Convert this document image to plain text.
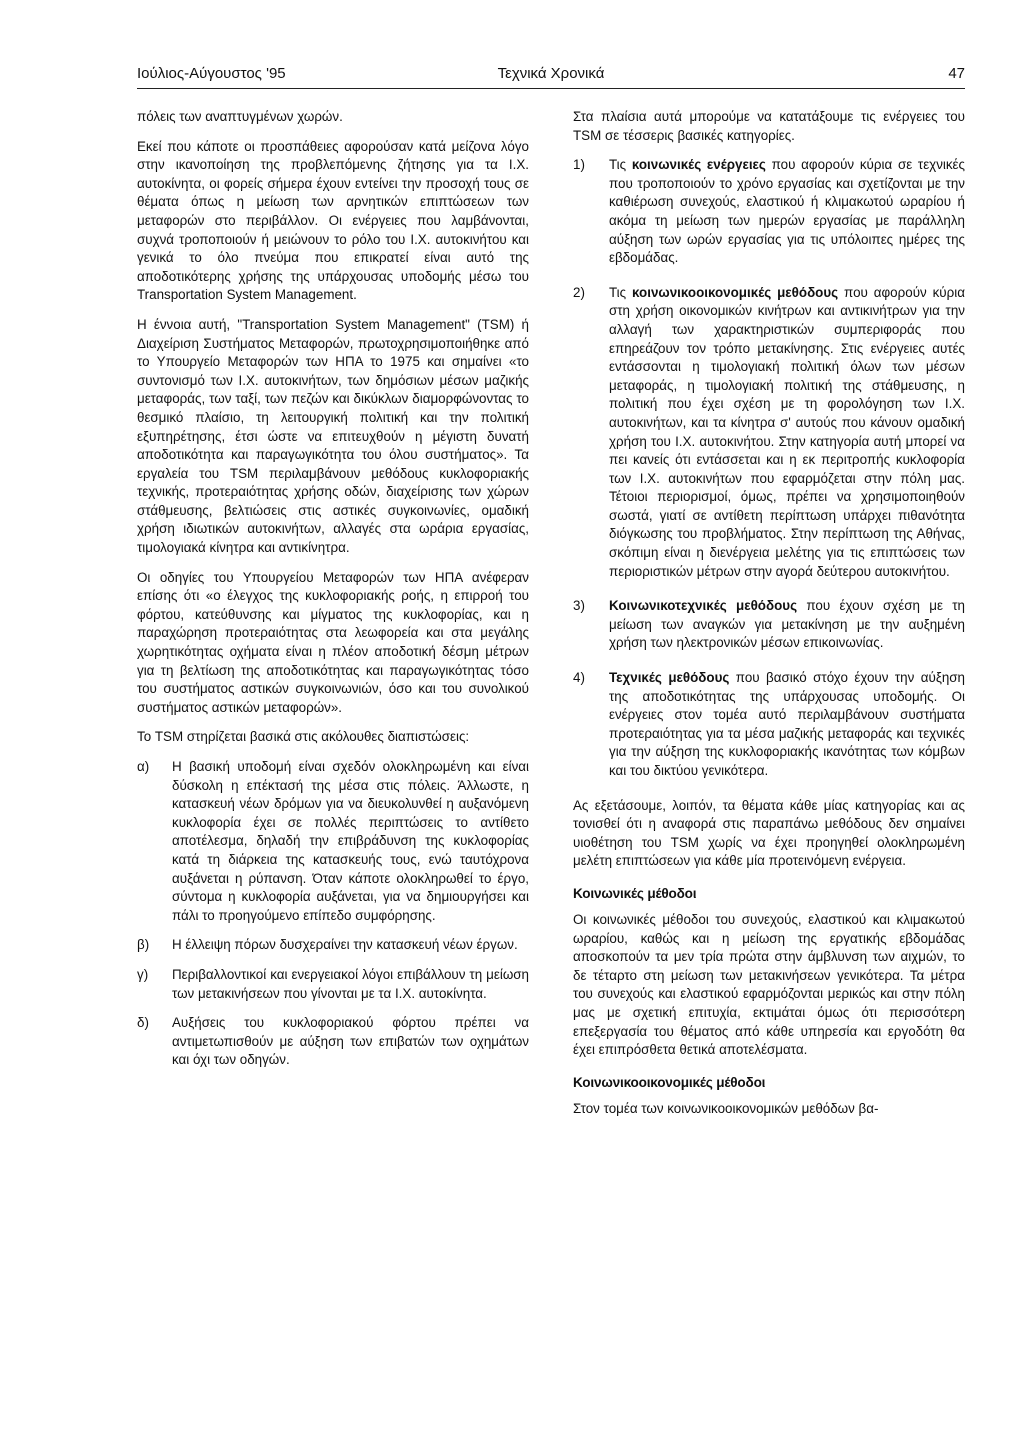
Ιούλιος-Αύγουστος '95	Τεχνικά Χρονικά	47

πόλεις των αναπτυγμένων χωρών.

Εκεί που κάποτε οι προσπάθειες αφορούσαν κατά μείζονα λόγο στην ικανοποίηση της προβλεπόμενης ζήτησης για τα Ι.Χ. αυτοκίνητα, οι φορείς σήμερα έχουν εντείνει την προσοχή τους σε θέματα όπως η μείωση των αρνητικών επιπτώσεων των μεταφορών στο περιβάλλον. Οι ενέργειες που λαμβάνονται, συχνά τροποποιούν ή μειώνουν το ρόλο του Ι.Χ. αυτοκινήτου και γενικά το όλο πνεύμα που επικρατεί είναι αυτό της αποδοτικότερης χρήσης της υπάρχουσας υποδομής μέσω του Transportation System Management.

Η έννοια αυτή, "Transportation System Management" (TSM) ή Διαχείριση Συστήματος Μεταφορών, πρωτοχρησιμοποιήθηκε από το Υπουργείο Μεταφορών των ΗΠΑ το 1975 και σημαίνει «το συντονισμό των Ι.Χ. αυτοκινήτων, των δημόσιων μέσων μαζικής μεταφοράς, των ταξί, των πεζών και δικύκλων διαμορφώνοντας το θεσμικό πλαίσιο, τη λειτουργική πολιτική και την πολιτική εξυπηρέτησης, έτσι ώστε να επιτευχθούν η μέγιστη δυνατή αποδοτικότητα και παραγωγικότητα του όλου συστήματος». Τα εργαλεία του TSM περιλαμβάνουν μεθόδους κυκλοφοριακής τεχνικής, προτεραιότητας χρήσης οδών, διαχείρισης των χώρων στάθμευσης, βελτιώσεις στις αστικές συγκοινωνίες, ομαδική χρήση ιδιωτικών αυτοκινήτων, αλλαγές στα ωράρια εργασίας, τιμολογιακά κίνητρα και αντικίνητρα.

Οι οδηγίες του Υπουργείου Μεταφορών των ΗΠΑ ανέφεραν επίσης ότι «ο έλεγχος της κυκλοφοριακής ροής, η επιρροή του φόρτου, κατεύθυνσης και μίγματος της κυκλοφορίας, και η παραχώρηση προτεραιότητας στα λεωφορεία και στα μεγάλης χωρητικότητας οχήματα είναι η πλέον αποδοτική δέσμη μέτρων για τη βελτίωση της αποδοτικότητας και παραγωγικότητας τόσο του συστήματος αστικών συγκοινωνιών, όσο και του συνολικού συστήματος αστικών μεταφορών».

Το TSM στηρίζεται βασικά στις ακόλουθες διαπιστώσεις:

α) Η βασική υποδομή είναι σχεδόν ολοκληρωμένη και είναι δύσκολη η επέκτασή της μέσα στις πόλεις. Άλλωστε, η κατασκευή νέων δρόμων για να διευκολυνθεί η αυξανόμενη κυκλοφορία έχει σε πολλές περιπτώσεις το αντίθετο αποτέλεσμα, δηλαδή την επιβράδυνση της κυκλοφορίας κατά τη διάρκεια της κατασκευής τους, ενώ ταυτόχρονα αυξάνεται η ρύπανση. Όταν κάποτε ολοκληρωθεί το έργο, σύντομα η κυκλοφορία αυξάνεται, για να δημιουργήσει και πάλι το προηγούμενο επίπεδο συμφόρησης.
β) Η έλλειψη πόρων δυσχεραίνει την κατασκευή νέων έργων.
γ) Περιβαλλοντικοί και ενεργειακοί λόγοι επιβάλλουν τη μείωση των μετακινήσεων που γίνονται με τα Ι.Χ. αυτοκίνητα.
δ) Αυξήσεις του κυκλοφοριακού φόρτου πρέπει να αντιμετωπισθούν με αύξηση των επιβατών των οχημάτων και όχι των οδηγών.

Στα πλαίσια αυτά μπορούμε να κατατάξουμε τις ενέργειες του TSM σε τέσσερις βασικές κατηγορίες.

1) Τις κοινωνικές ενέργειες που αφορούν κύρια σε τεχνικές που τροποποιούν το χρόνο εργασίας και σχετίζονται με την καθιέρωση συνεχούς, ελαστικού ή κλιμακωτού ωραρίου ή ακόμα τη μείωση των ημερών εργασίας με παράλληλη αύξηση των ωρών εργασίας για τις υπόλοιπες ημέρες της εβδομάδας.
2) Τις κοινωνικοοικονομικές μεθόδους που αφορούν κύρια στη χρήση οικονομικών κινήτρων και αντικινήτρων για την αλλαγή των χαρακτηριστικών συμπεριφοράς που επηρεάζουν τον τρόπο μετακίνησης. Στις ενέργειες αυτές εντάσσονται η τιμολογιακή πολιτική όλων των μέσων μεταφοράς, η τιμολογιακή πολιτική της στάθμευσης, η πολιτική που έχει σχέση με τη φορολόγηση των Ι.Χ. αυτοκινήτων, και τα κίνητρα σ' αυτούς που κάνουν ομαδική χρήση του Ι.Χ. αυτοκινήτου. Στην κατηγορία αυτή μπορεί να πει κανείς ότι εντάσσεται και η εκ περιτροπής κυκλοφορία των Ι.Χ. αυτοκινήτων που εφαρμόζεται στην πόλη μας. Τέτοιοι περιορισμοί, όμως, πρέπει να χρησιμοποιηθούν σωστά, γιατί σε αντίθετη περίπτωση υπάρχει πιθανότητα διόγκωσης του προβλήματος. Στην περίπτωση της Αθήνας, σκόπιμη είναι η διενέργεια μελέτης για τις επιπτώσεις των περιοριστικών μέτρων στην αγορά δεύτερου αυτοκινήτου.
3) Κοινωνικοτεχνικές μεθόδους που έχουν σχέση με τη μείωση των αναγκών για μετακίνηση με την αυξημένη χρήση των ηλεκτρονικών μέσων επικοινωνίας.
4) Τεχνικές μεθόδους που βασικό στόχο έχουν την αύξηση της αποδοτικότητας της υπάρχουσας υποδομής. Οι ενέργειες στον τομέα αυτό περιλαμβάνουν συστήματα προτεραιότητας για τα μέσα μαζικής μεταφοράς και τεχνικές για την αύξηση της κυκλοφοριακής ικανότητας των κόμβων και του δικτύου γενικότερα.

Ας εξετάσουμε, λοιπόν, τα θέματα κάθε μίας κατηγορίας και ας τονισθεί ότι η αναφορά στις παραπάνω μεθόδους δεν σημαίνει υιοθέτηση του TSM χωρίς να έχει προηγηθεί ολοκληρωμένη μελέτη επιπτώσεων για κάθε μία προτεινόμενη ενέργεια.

Κοινωνικές μέθοδοι

Οι κοινωνικές μέθοδοι του συνεχούς, ελαστικού και κλιμακωτού ωραρίου, καθώς και η μείωση της εργατικής εβδομάδας αποσκοπούν τα μεν τρία πρώτα στην άμβλυνση των αιχμών, το δε τέταρτο στη μείωση των μετακινήσεων γενικότερα. Τα μέτρα του συνεχούς και ελαστικού εφαρμόζονται μερικώς και στην πόλη μας με σχετική επιτυχία, εκτιμάται όμως ότι περισσότερη επεξεργασία του θέματος από κάθε υπηρεσία και εργοδότη θα έχει επιπρόσθετα θετικά αποτελέσματα.

Κοινωνικοοικονομικές μέθοδοι

Στον τομέα των κοινωνικοοικονομικών μεθόδων βα-
